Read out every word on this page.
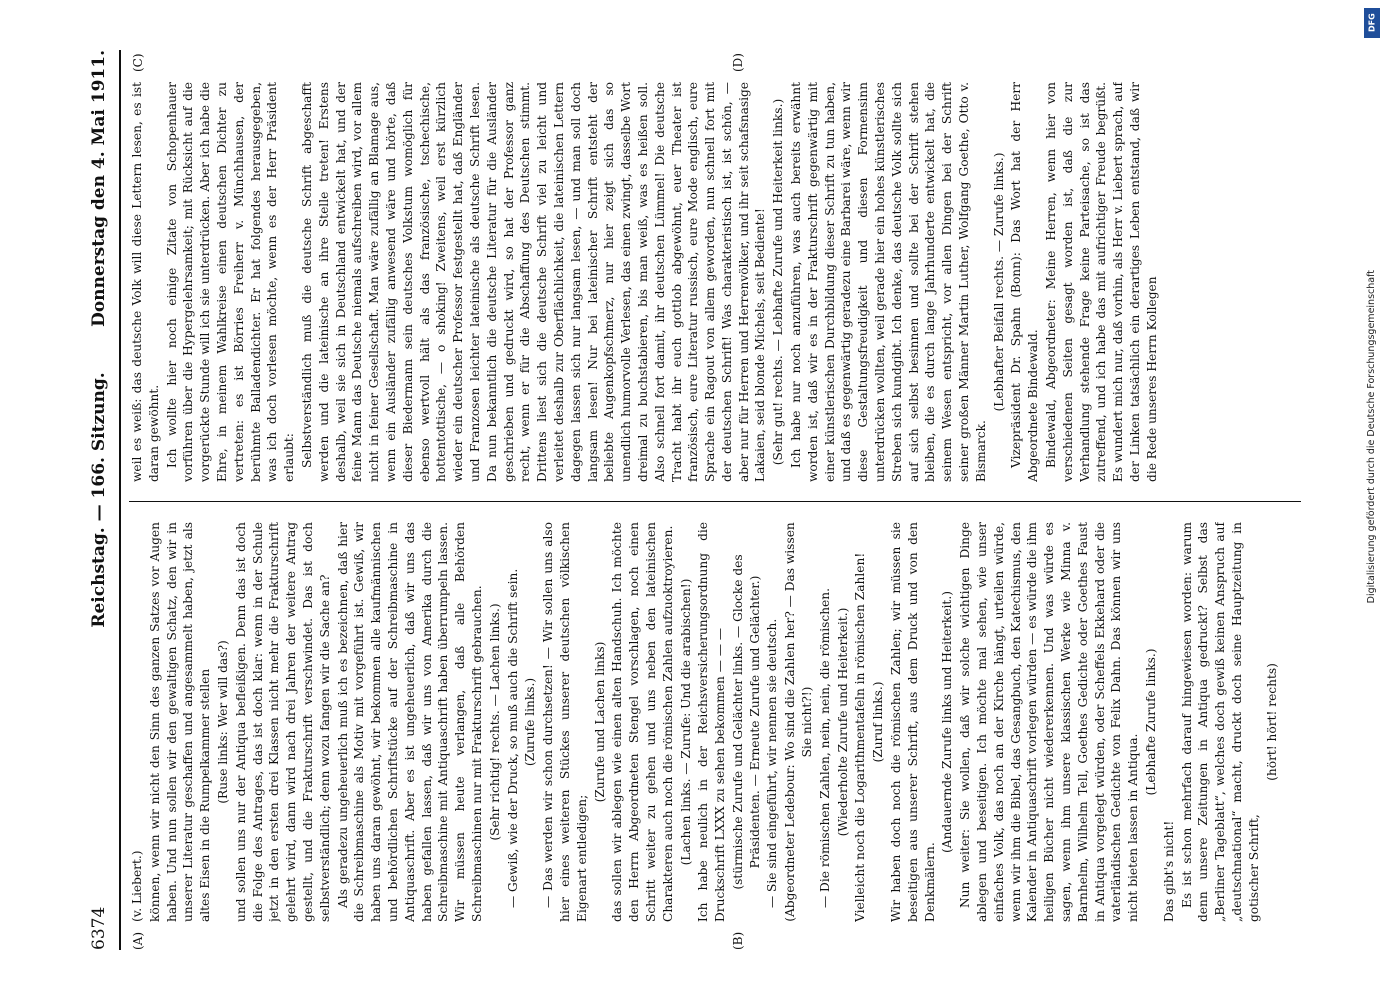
DFG
Digitalisierung gefördert durch die Deutsche Forschungsgemeinschaft
6374
Reichstag. — 166. Sitzung.
Donnerstag den 4. Mai 1911.
(A)	(B)
(C)	(D)

(v. Liebert.) können, wenn wir nicht den Sinn des ganzen Satzes vor Augen haben. Und nun sollen wir den gewaltigen Schatz, den wir in unserer Literatur geschaffen und angesammelt haben, jetzt als altes Eisen in die Rumpelkammer stellen (Ruse links: Wer will das?) und sollen uns nur der Antiqua befleißigen. Denn das ist doch die Folge des Antrages, das ist doch klar: wenn in der Schule jetzt in den ersten drei Klassen nicht mehr die Frakturschrift gelehrt wird, dann wird nach drei Jahren der weitere Antrag gestellt, und die Frakturschrift verschwindet. Das ist doch selbstverständlich; denn wozu fangen wir die Sache an? Als geradezu ungeheuerlich muß ich es bezeichnen, daß hier die Schreibmaschine als Motiv mit vorgeführt ist. Gewiß, wir haben uns daran gewöhnt, wir bekommen alle kaufmännischen und behördlichen Schriftstücke auf der Schreibmaschine in Antiquaschrift. Aber es ist ungeheuerlich, daß wir uns das haben gefallen lassen, daß wir uns von Amerika durch die Schreibmaschine mit Antiquaschrift haben überrumpeln lassen. Wir müssen heute verlangen, daß alle Behörden Schreibmaschinen nur mit Frakturschrift gebrauchen. (Sehr richtig! rechts. — Lachen links.) — Gewiß, wie der Druck, so muß auch die Schrift sein. (Zurufe links.) — Das werden wir schon durchsetzen! — Wir sollen uns also hier eines weiteren Stückes unserer deutschen völkischen Eigenart entledigen;

(Zurufe und Lachen links) das sollen wir ablegen wie einen alten Handschuh. Ich möchte den Herrn Abgeordneten Stengel vorschlagen, noch einen Schritt weiter zu gehen und uns neben den lateinischen Charakteren auch noch die römischen Zahlen aufzuoktroyieren. (Lachen links. — Zurufe: Und die arabischen!) Ich habe neulich in der Reichsversicherungsordnung die Druckschrift LXXX zu sehen bekommen — — — (stürmische Zurufe und Gelächter links. — Glocke des Präsidenten. — Erneute Zurufe und Gelächter.) — Sie sind eingeführt, wir nennen sie deutsch. (Abgeordneter Ledebour: Wo sind die Zahlen her? — Das wissen Sie nicht?!) — Die römischen Zahlen, nein, nein, die römischen. (Wiederholte Zurufe und Heiterkeit.) Vielleicht noch die Logarithmentafeln in römischen Zahlen! (Zuruf links.) Wir haben doch noch die römischen Zahlen; wir müssen sie beseitigen aus unserer Schrift, aus dem Druck und von den Denkmälern.

(Andauernde Zurufe links und Heiterkeit.) Nun weiter: Sie wollen, daß wir solche wichtigen Dinge ablegen und beseitigen. Ich möchte mal sehen, wie unser einfaches Volk, das noch an der Kirche hängt, urteilen würde, wenn wir ihm die Bibel, das Gesangbuch, den Katechismus, den Kalender in Antiquaschrift vorlegen würden — es würde die ihm heiligen Bücher nicht wiedererkennen. Und was würde es sagen, wenn ihm unsere klassischen Werke wie Minna v. Barnhelm, Wilhelm Tell, Goethes Gedichte oder Goethes Faust in Antiqua vorgelegt würden, oder Scheffels Ekkehard oder die vaterländischen Gedichte von Felix Dahn. Das können wir uns nicht bieten lassen in Antiqua.

(Lebhafte Zurufe links.)

Das gibt's nicht! Es ist schon mehrfach darauf hingewiesen worden: warum denn unsere Zeitungen in Antiqua gedruckt? Selbst das „Berliner Tageblatt“, welches doch gewiß keinen Anspruch auf „deutschnational“ macht, druckt doch seine Hauptzeitung in gotischer Schrift,

(hört! hört! rechts)

weil es weiß: das deutsche Volk will diese Lettern lesen, es ist daran gewöhnt. Ich wollte hier noch einige Zitate von Schopenhauer vorführen über die Hypergelehrsamkeit; mit Rücksicht auf die vorgerückte Stunde will ich sie unterdrücken. Aber ich habe die Ehre, in meinem Wahlkreise einen deutschen Dichter zu vertreten: es ist Börries Freiherr v. Münchhausen, der berühmte Balladendichter. Er hat folgendes herausgegeben, was ich doch vorlesen möchte, wenn es der Herr Präsident erlaubt: Selbstverständlich muß die deutsche Schrift abgeschafft werden und die lateinische an ihre Stelle treten! Erstens deshalb, weil sie sich in Deutschland entwickelt hat, und der feine Mann das Deutsche niemals aufschreiben wird, vor allem nicht in feiner Gesellschaft. Man wäre zufällig an Blamage aus, wenn ein Ausländer zufällig anwesend wäre und hörte, daß dieser Biedermann sein deutsches Volkstum womöglich für ebenso wertvoll hält als das französische, tschechische, hottentottische, — o shoking! Zweitens, weil erst kürzlich wieder ein deutscher Professor festgestellt hat, daß Engländer und Franzosen leichter lateinische als deutsche Schrift lesen. Da nun bekanntlich die deutsche Literatur für die Ausländer geschrieben und gedruckt wird, so hat der Professor ganz recht, wenn er für die Abschaffung des Deutschen stimmt. Drittens liest sich die deutsche Schrift viel zu leicht und verleitet deshalb zur Oberflächlichkeit, die lateinischen Lettern dagegen lassen sich nur langsam lesen, — und man soll doch langsam lesen! Nur bei lateinischer Schrift entsteht der beliebte Augenkopfschmerz, nur hier zeigt sich das so unendlich humorvolle Verlesen, das einen zwingt, dasselbe Wort dreimal zu buchstabieren, bis man weiß, was es heißen soll. Also schnell fort damit, ihr deutschen Lümmel! Die deutsche Tracht habt ihr euch gottlob abgewöhnt, euer Theater ist französisch, eure Literatur russisch, eure Mode englisch, eure Sprache ein Ragout von allem geworden, nun schnell fort mit der deutschen Schrift! Was charakteristisch ist, ist schön, — aber nur für Herren und Herrenvölker, und ihr seit schafsnasige Lakaien, seid blonde Michels, seit Bediente! (Sehr gut! rechts. — Lebhafte Zurufe und Heiterkeit links.) Ich habe nur noch anzuführen, was auch bereits erwähnt worden ist, daß wir es in der Frakturschrift gegenwärtig mit einer künstlerischen Durchbildung dieser Schrift zu tun haben, und daß es gegenwärtig geradezu eine Barbarei wäre, wenn wir diese Gestaltungsfreudigkeit und diesen Formensinn unterdrücken wollten, weil gerade hier ein hohes künstlerisches Streben sich kundgibt. Ich denke, das deutsche Volk sollte sich auf sich selbst besinnen und sollte bei der Schrift stehen bleiben, die es durch lange Jahrhunderte entwickelt hat, die seinem Wesen entspricht, vor allen Dingen bei der Schrift seiner großen Männer Martin Luther, Wolfgang Goethe, Otto v. Bismarck.

(Lebhafter Beifall rechts. — Zurufe links.) Vizepräsident Dr. Spahn (Bonn): Das Wort hat der Herr Abgeordnete Bindewald. Bindewald, Abgeordneter: Meine Herren, wenn hier von verschiedenen Seiten gesagt worden ist, daß die zur Verhandlung stehende Frage keine Parteisache, so ist das zutreffend, und ich habe das mit aufrichtiger Freude begrüßt. Es wundert mich nur, daß vorhin, als Herr v. Liebert sprach, auf der Linken tatsächlich ein derartiges Leben entstand, daß wir die Rede unseres Herrn Kollegen
